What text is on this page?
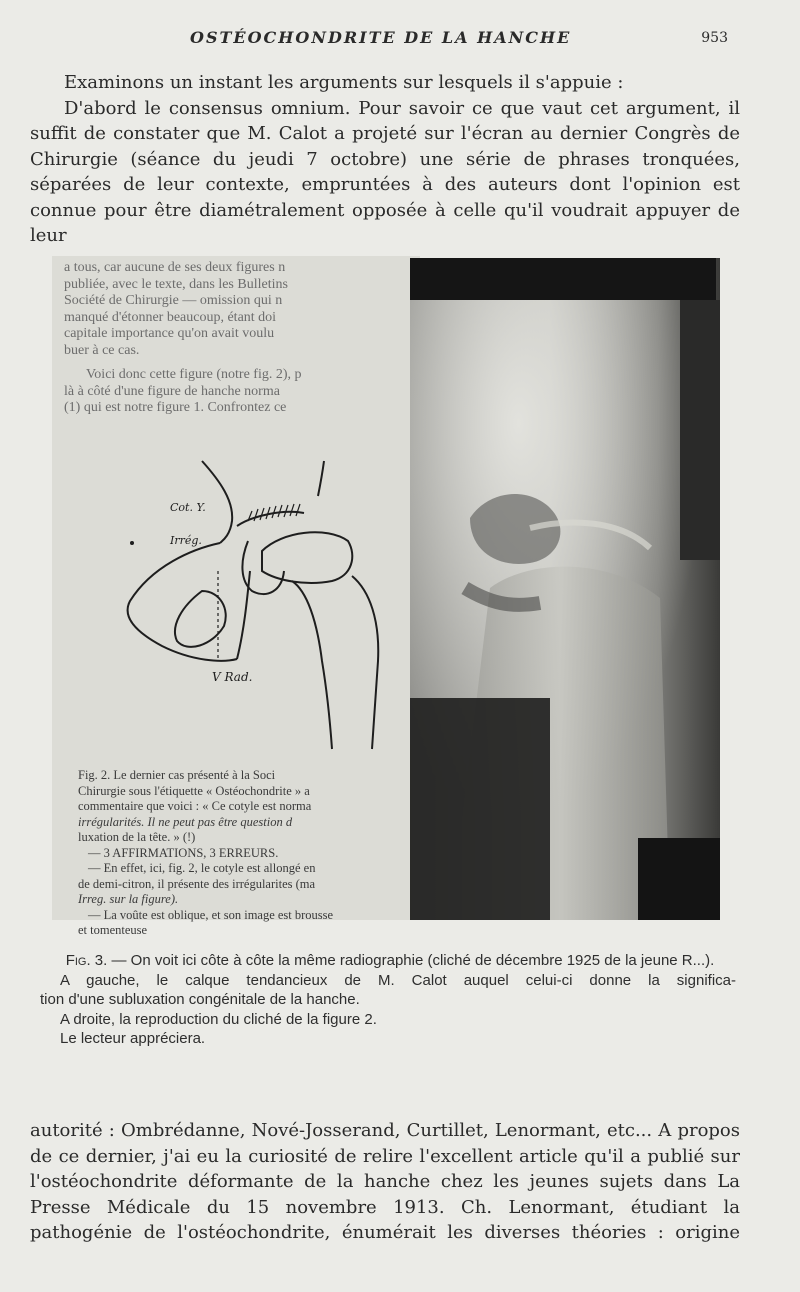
OSTÉOCHONDRITE DE LA HANCHE	953

Examinons un instant les arguments sur lesquels il s'appuie :

D'abord le consensus omnium. Pour savoir ce que vaut cet argument, il suffit de constater que M. Calot a projeté sur l'écran au dernier Congrès de Chirurgie (séance du jeudi 7 octobre) une série de phrases tronquées, séparées de leur contexte, empruntées à des auteurs dont l'opinion est connue pour être diamétralement opposée à celle qu'il voudrait appuyer de leur

a tous, car aucune de ses deux figures n
publiée, avec le texte, dans les Bulletins
Société de Chirurgie — omission qui n
manqué d'étonner beaucoup, étant doi
capitale importance qu'on avait voulu
buer à ce cas.
Voici donc cette figure (notre fig. 2), p
là à côté d'une figure de hanche norma
(1) qui est notre figure 1. Confrontez ce
Cot. Y.
Irrég.
V Rad.
Fig. 2. Le dernier cas présenté à la Soci
Chirurgie sous l'étiquette « Ostéochondrite » a
commentaire que voici : « Ce cotyle est norma
irrégularités. Il ne peut pas être question d
luxation de la tête. » (!)
— 3 AFFIRMATIONS, 3 ERREURS.
— En effet, ici, fig. 2, le cotyle est allongé en
de demi-citron, il présente des irrégularites (ma
Irreg. sur la figure).
— La voûte est oblique, et son image est brousse
et tomenteuse

Fig. 3. — On voit ici côte à côte la même radiographie (cliché de décembre 1925 de la jeune R...).

A gauche, le calque tendancieux de M. Calot auquel celui-ci donne la significa-

tion d'une subluxation congénitale de la hanche.

A droite, la reproduction du cliché de la figure 2.

Le lecteur appréciera.

autorité : Ombrédanne, Nové-Josserand, Curtillet, Lenormant, etc... A propos de ce dernier, j'ai eu la curiosité de relire l'excellent article qu'il a publié sur l'ostéochondrite déformante de la hanche chez les jeunes sujets dans La Presse Médicale du 15 novembre 1913. Ch. Lenormant, étudiant la pathogénie de l'ostéochondrite, énumérait les diverses théories : origine
